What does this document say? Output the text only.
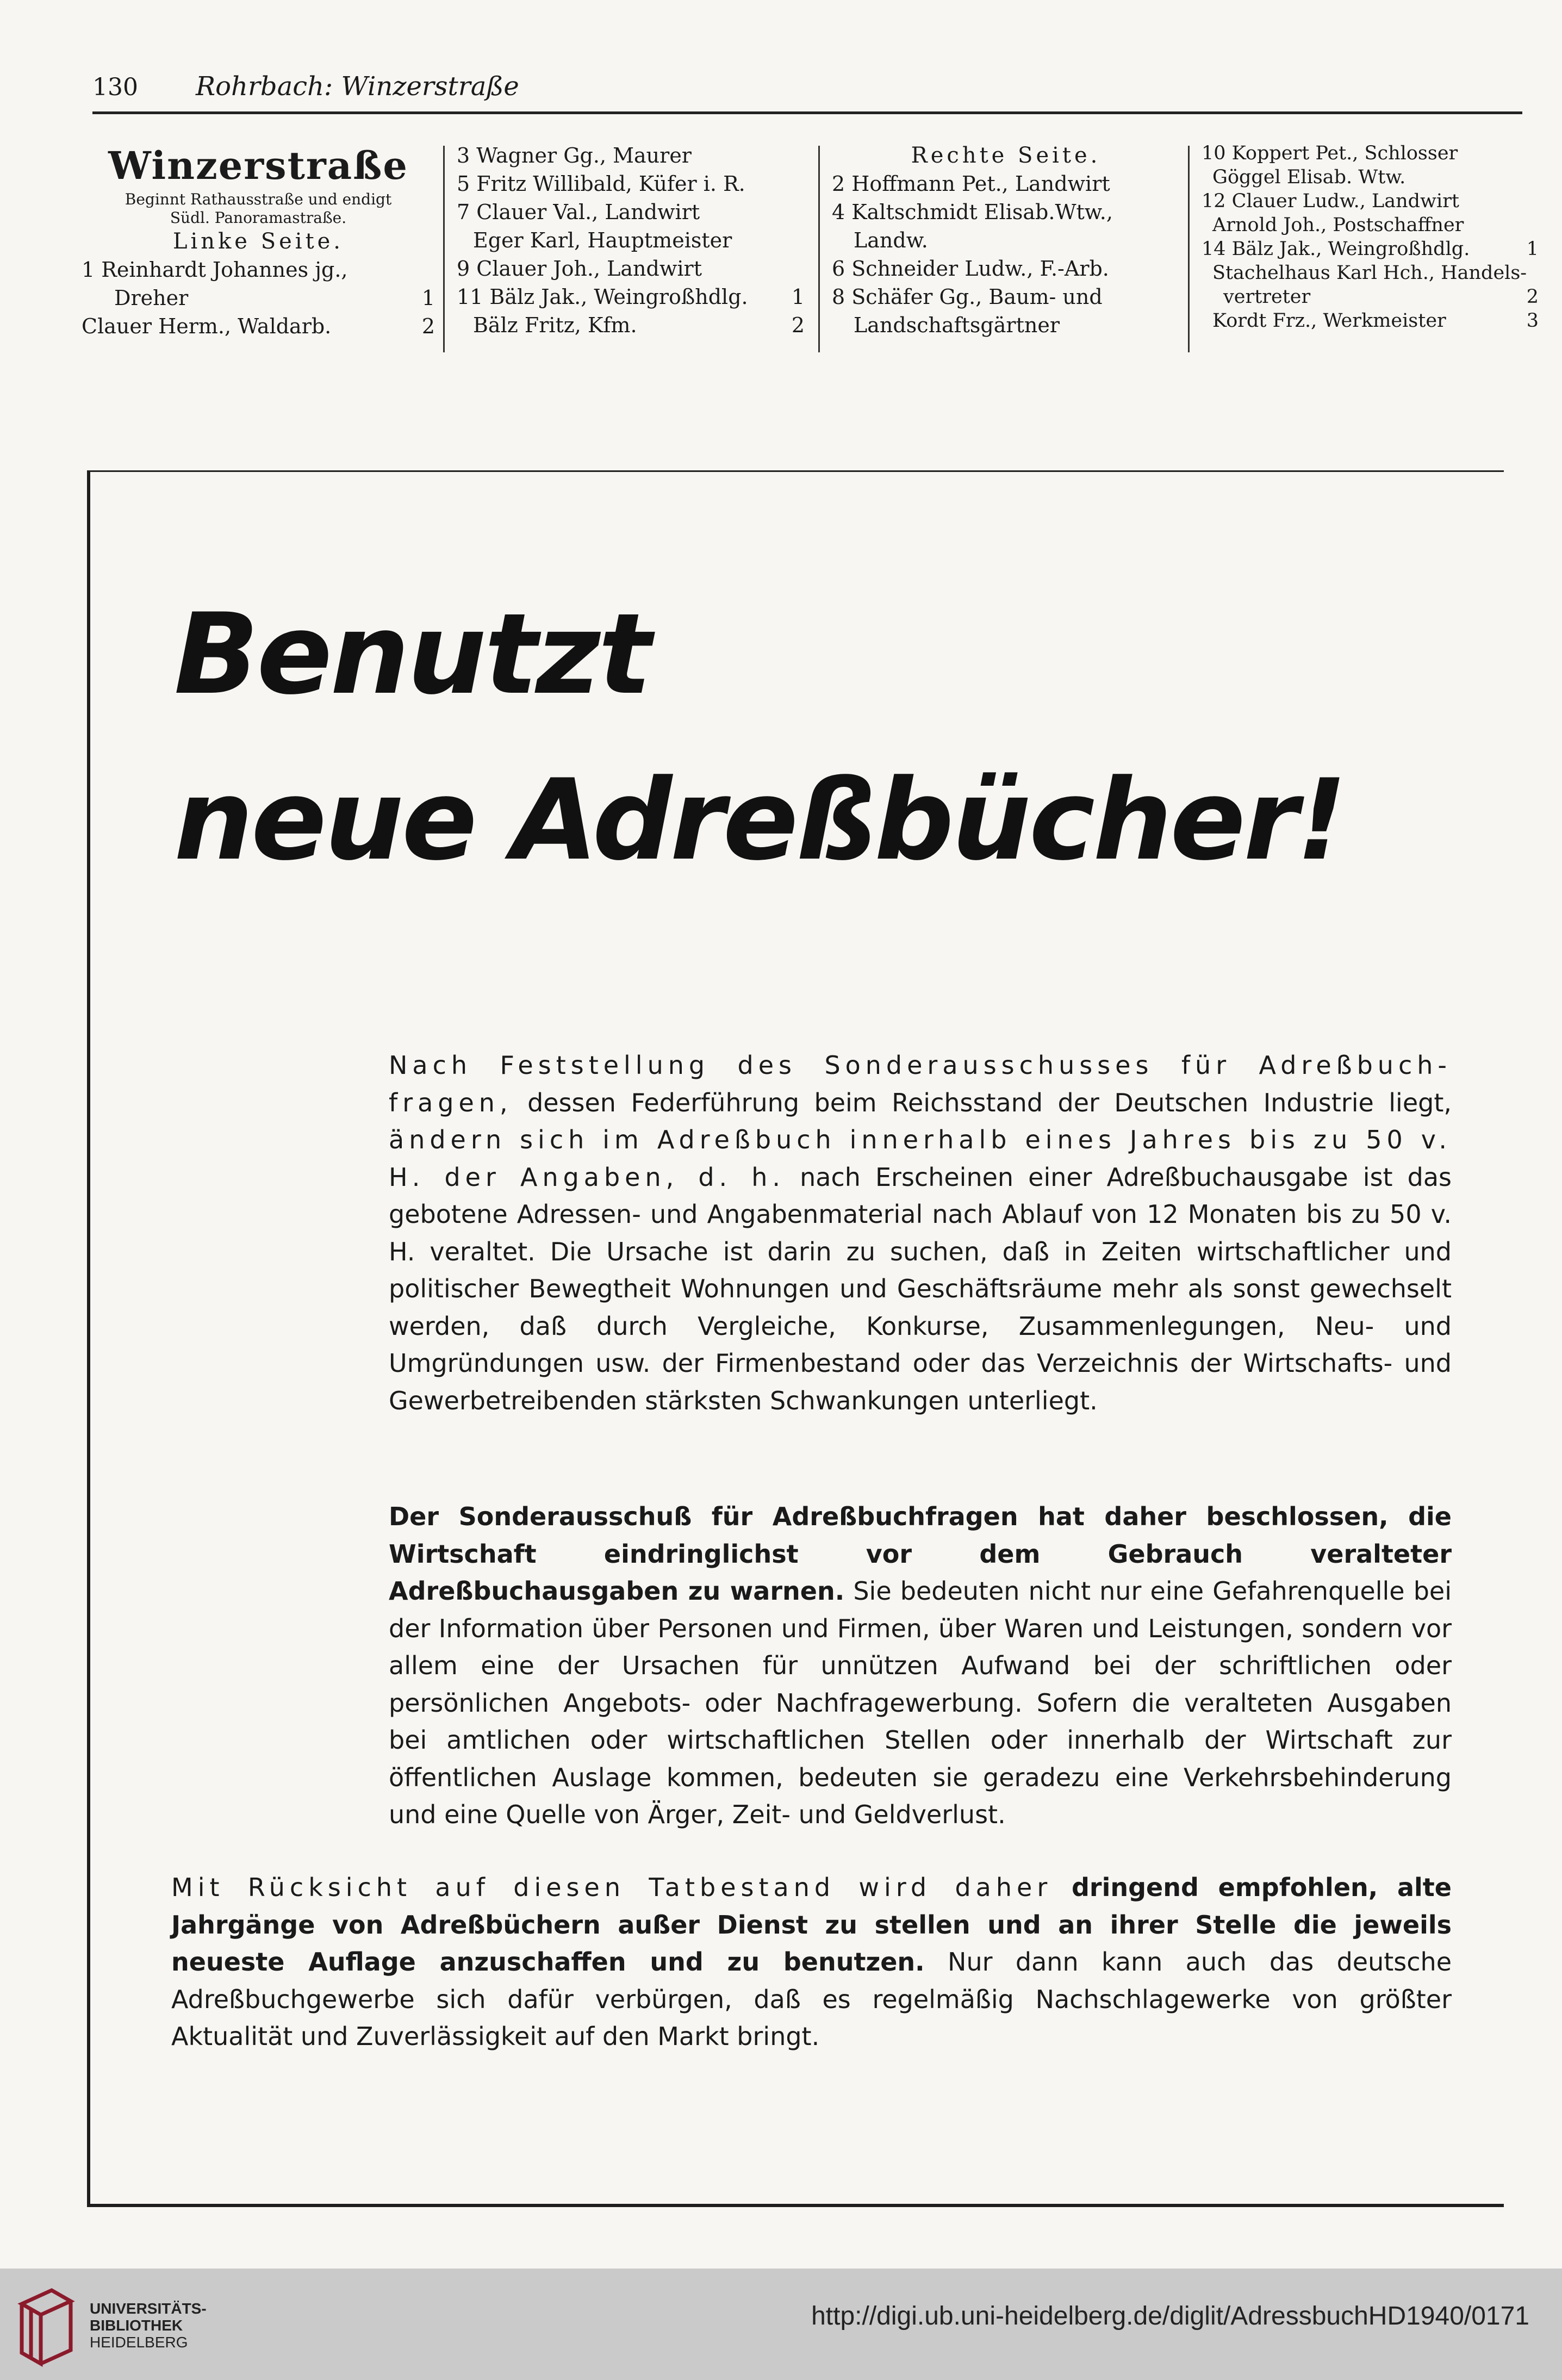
130 Rohrbach: Winzerstraße
Winzerstraße
Beginnt Rathausstraße und endigt
Südl. Panoramastraße.
Linke Seite.
1 Reinhardt Johannes jg.,
Dreher	1
Clauer Herm., Waldarb.	2
3 Wagner Gg., Maurer
5 Fritz Willibald, Küfer i. R.
7 Clauer Val., Landwirt
Eger Karl, Hauptmeister
9 Clauer Joh., Landwirt
11 Bälz Jak., Weingroßhdlg. 1
Bälz Fritz, Kfm.	2
Rechte Seite.
2 Hoffmann Pet., Landwirt
4 Kaltschmidt Elisab.Wtw.,
Landw.
6 Schneider Ludw., F.-Arb.
8 Schäfer Gg., Baum- und
Landschaftsgärtner
10 Koppert Pet., Schlosser
Göggel Elisab. Wtw.
12 Clauer Ludw., Landwirt
Arnold Joh., Postschaffner
14 Bälz Jak., Weingroßhdlg.	1
Stachelhaus Karl Hch., Handels-
vertreter	2
Kordt Frz., Werkmeister	3
Benutzt
neue Adreßbücher!
Nach Feststellung des Sonderausschusses für Adreßbuch-fragen, dessen Federführung beim Reichsstand der Deutschen Industrie liegt, ändern sich im Adreßbuch innerhalb eines Jahres bis zu 50 v. H. der Angaben, d. h. nach Erscheinen einer Adreßbuchausgabe ist das gebotene Adressen- und Angabenmaterial nach Ablauf von 12 Monaten bis zu 50 v. H. veraltet. Die Ursache ist darin zu suchen, daß in Zeiten wirtschaftlicher und politischer Bewegtheit Wohnungen und Geschäftsräume mehr als sonst gewechselt werden, daß durch Vergleiche, Konkurse, Zusammenlegungen, Neu- und Umgründungen usw. der Firmenbestand oder das Verzeichnis der Wirtschafts- und Gewerbetreibenden stärksten Schwankungen unterliegt.
Der Sonderausschuß für Adreßbuchfragen hat daher beschlossen, die Wirtschaft eindringlichst vor dem Gebrauch veralteter Adreßbuchausgaben zu warnen. Sie bedeuten nicht nur eine Gefahrenquelle bei der Information über Personen und Firmen, über Waren und Leistungen, sondern vor allem eine der Ursachen für unnützen Aufwand bei der schriftlichen oder persönlichen Angebots- oder Nachfragewerbung. Sofern die veralteten Ausgaben bei amtlichen oder wirtschaftlichen Stellen oder innerhalb der Wirtschaft zur öffentlichen Auslage kommen, bedeuten sie geradezu eine Verkehrsbehinderung und eine Quelle von Ärger, Zeit- und Geldverlust.
Mit Rücksicht auf diesen Tatbestand wird daher dringend empfohlen, alte Jahrgänge von Adreßbüchern außer Dienst zu stellen und an ihrer Stelle die jeweils neueste Auflage anzuschaffen und zu benutzen. Nur dann kann auch das deutsche Adreßbuchgewerbe sich dafür verbürgen, daß es regelmäßig Nachschlagewerke von größter Aktualität und Zuverlässigkeit auf den Markt bringt.
UNIVERSITÄTS-
BIBLIOTHEK
HEIDELBERG
http://digi.ub.uni-heidelberg.de/diglit/AdressbuchHD1940/0171
